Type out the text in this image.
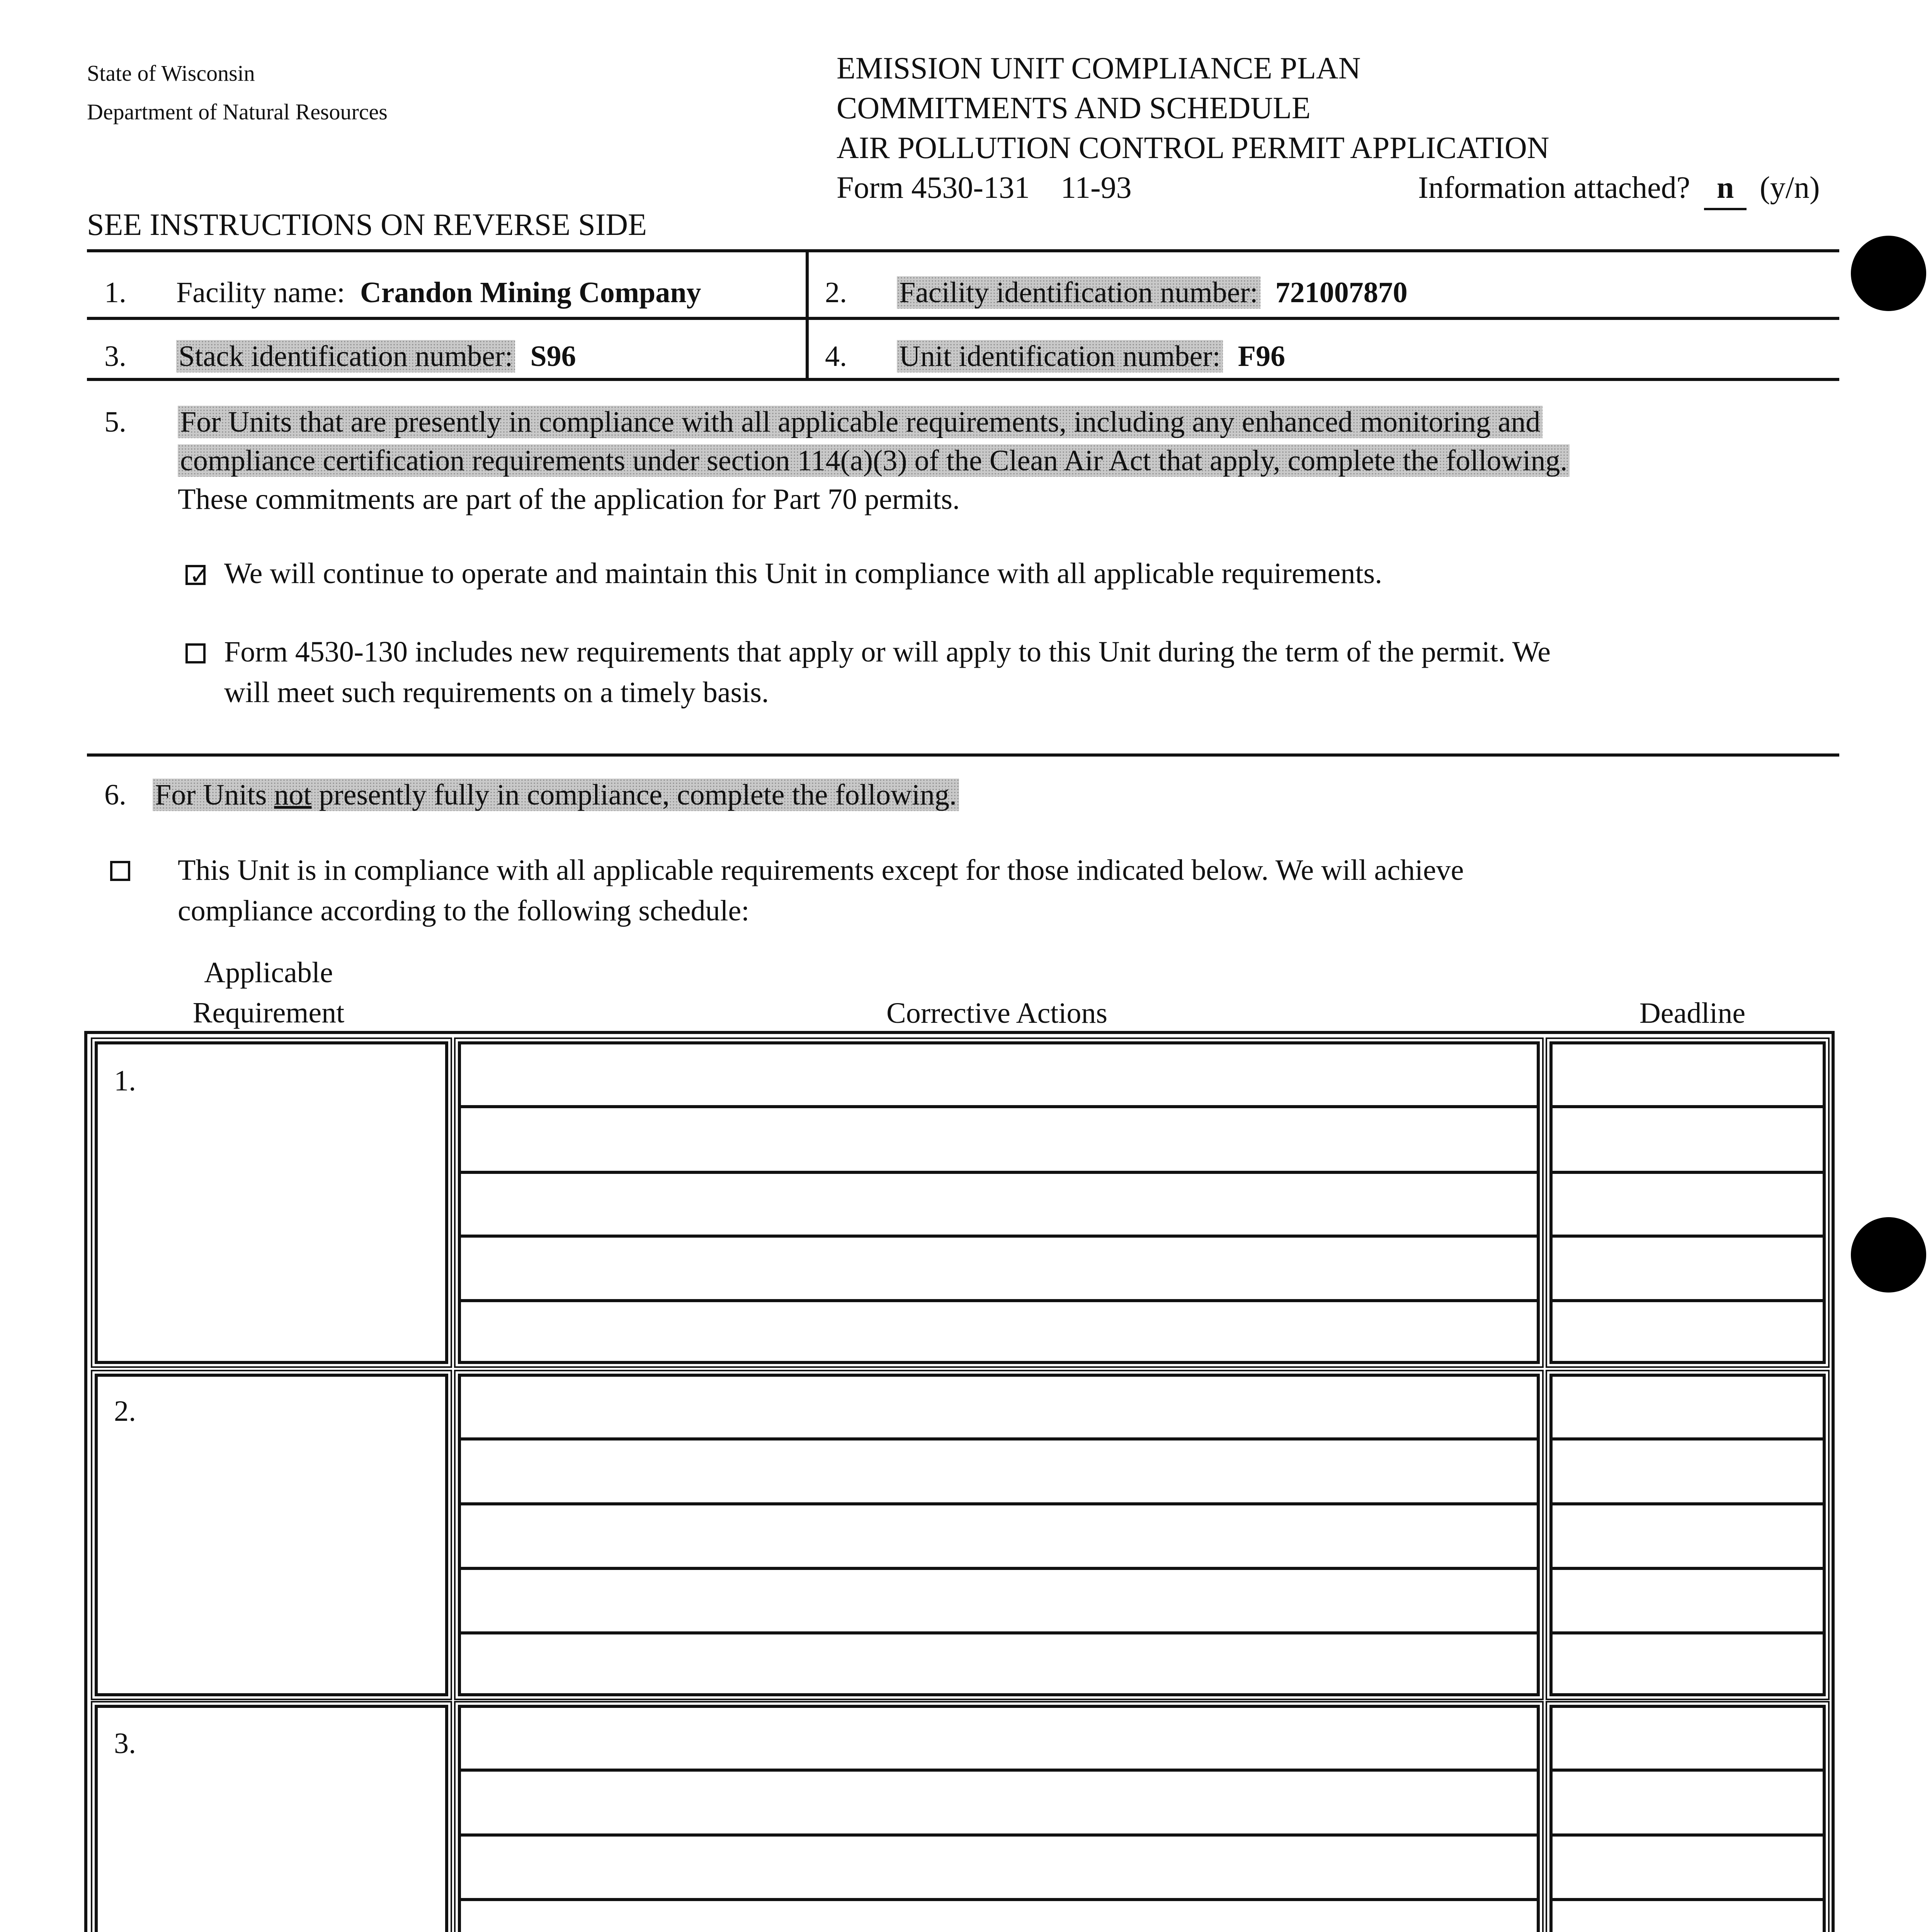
State of Wisconsin
Department of Natural Resources
EMISSION UNIT COMPLIANCE PLAN
COMMITMENTS AND SCHEDULE
AIR POLLUTION CONTROL PERMIT APPLICATION
Form 4530-131 11-93	Information attached? n (y/n)
SEE INSTRUCTIONS ON REVERSE SIDE
1. Facility name: Crandon Mining Company	2. Facility identification number: 721007870
3. Stack identification number: S96	4. Unit identification number: F96
5. For Units that are presently in compliance with all applicable requirements, including any enhanced monitoring and
compliance certification requirements under section 114(a)(3) of the Clean Air Act that apply, complete the following.
These commitments are part of the application for Part 70 permits.
✓ We will continue to operate and maintain this Unit in compliance with all applicable requirements.
Form 4530-130 includes new requirements that apply or will apply to this Unit during the term of the permit. We
will meet such requirements on a timely basis.
6. For Units not presently fully in compliance, complete the following.
This Unit is in compliance with all applicable requirements except for those indicated below. We will achieve
compliance according to the following schedule:
Applicable
Requirement	Corrective Actions	Deadline
1.
2.
3.
